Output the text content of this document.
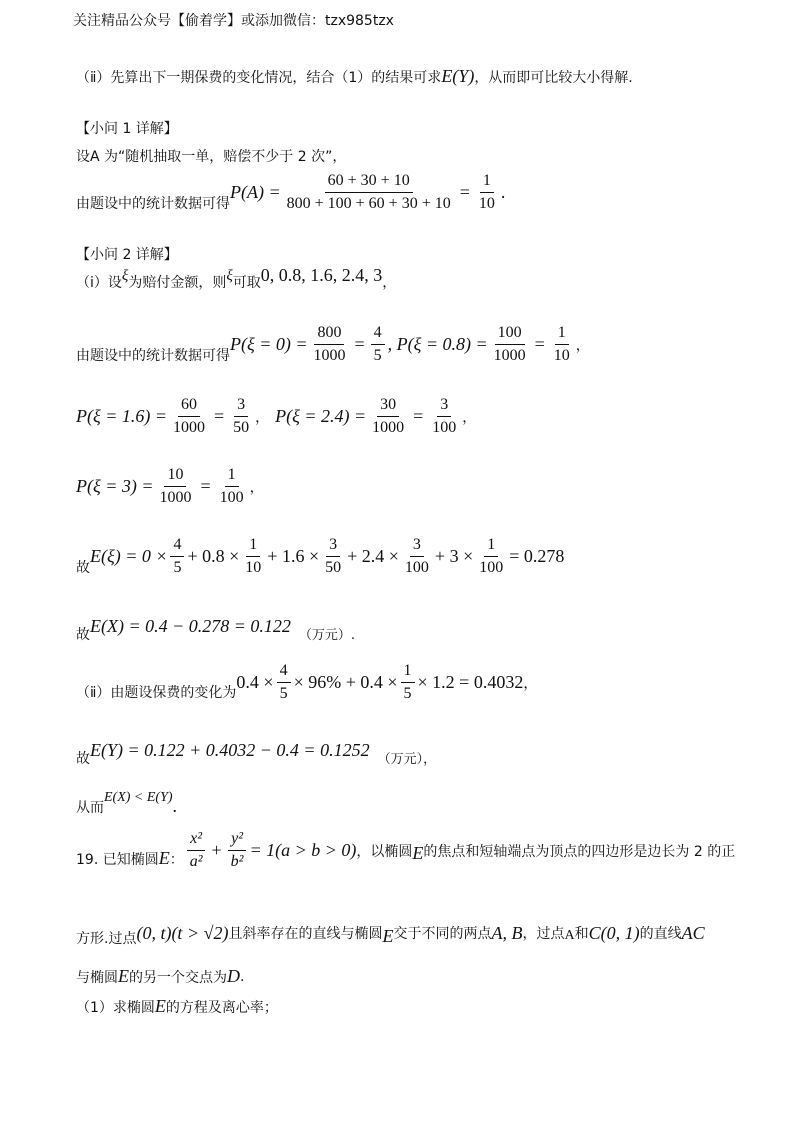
关注精品公众号【偷着学】或添加微信：tzx985tzx
（ⅱ）先算出下一期保费的变化情况，结合（1）的结果可求 E(Y) ，从而即可比较大小得解.
【小问 1 详解】
设A 为“随机抽取一单，赔偿不少于 2 次”，
由题设中的统计数据可得
$P(A) = \frac{60 + 30 + 10}{800 + 100 + 60 + 30 + 10} = \frac{1}{10}$ .
【小问 2 详解】
（ⅰ）设 ξ 为赔付金额，则 ξ 可取 0, 0.8, 1.6, 2.4, 3 ，
由题设中的统计数据可得
$P(\xi = 0) = \frac{800}{1000} = \frac{4}{5}$ , $P(\xi = 0.8) = \frac{100}{1000} = \frac{1}{10}$ ，
$P(\xi = 1.6) = \frac{60}{1000} = \frac{3}{50}$ ， $P(\xi = 2.4) = \frac{30}{1000} = \frac{3}{100}$ ，
$P(\xi = 3) = \frac{10}{1000} = \frac{1}{100}$ ，
故
$E(\xi) = 0 \times \frac{4}{5} + 0.8 \times \frac{1}{10} + 1.6 \times \frac{3}{50} + 2.4 \times \frac{3}{100} + 3 \times \frac{1}{100} = 0.278$
故 E(X) = 0.4 − 0.278 = 0.122 （万元）.
（ⅱ）由题设保费的变化为
$0.4 \times \frac{4}{5} \times 96\% + 0.4 \times \frac{1}{5} \times 1.2 = 0.4032$ ，
故 E(Y) = 0.122 + 0.4032 − 0.4 = 0.1252 （万元），
从而
E(X) < E(Y) .
19. 已知椭圆 E ： $\frac{\text{x²}}{\text{a²}} + \frac{\text{y²}}{\text{b²}} = 1(a > b > 0)$ ，以椭圆 E 的焦点和短轴端点为顶点的四边形是边长为 2 的正
方形.过点 (0, t)(t > √2) 且斜率存在的直线与椭圆 E 交于不同的两点 A, B ，过点 A 和 C(0, 1) 的直线 AC
与椭圆 E 的另一个交点为 D .
（1）求椭圆 E 的方程及离心率；
